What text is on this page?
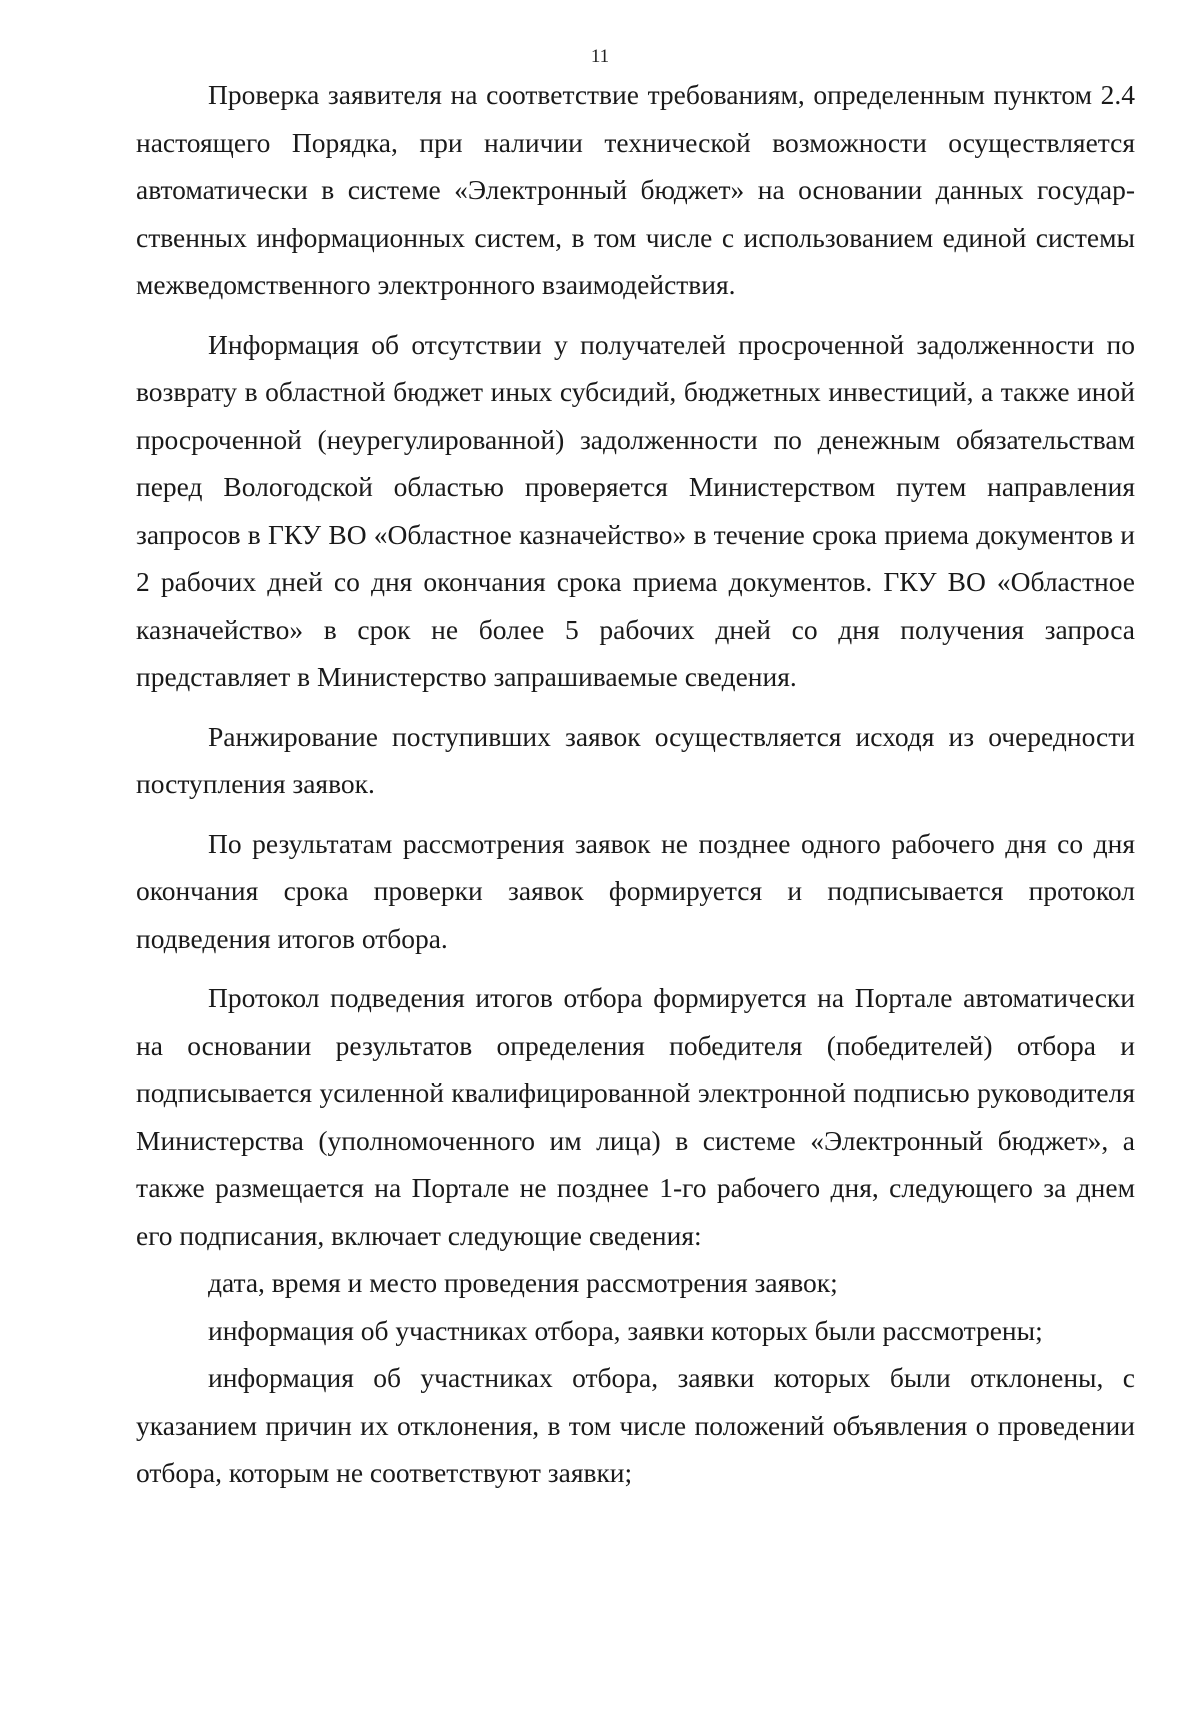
11

Проверка заявителя на соответствие требованиям, определенным пунктом 2.4 настоящего Порядка, при наличии технической возможности осуществляется автоматически в системе «Электронный бюджет» на основании данных государственных информационных систем, в том числе с использованием единой системы межведомственного электронного взаимодействия.

Информация об отсутствии у получателей просроченной задолженности по возврату в областной бюджет иных субсидий, бюджетных инвестиций, а также иной просроченной (неурегулированной) задолженности по денежным обязательствам перед Вологодской областью проверяется Министерством путем направления запросов в ГКУ ВО «Областное казначейство» в течение срока приема документов и 2 рабочих дней со дня окончания срока приема документов. ГКУ ВО «Областное казначейство» в срок не более 5 рабочих дней со дня получения запроса представляет в Министерство запрашиваемые сведения.

Ранжирование поступивших заявок осуществляется исходя из очередности поступления заявок.

По результатам рассмотрения заявок не позднее одного рабочего дня со дня окончания срока проверки заявок формируется и подписывается протокол подведения итогов отбора.

Протокол подведения итогов отбора формируется на Портале автоматически на основании результатов определения победителя (победителей) отбора и подписывается усиленной квалифицированной электронной подписью руководителя Министерства (уполномоченного им лица) в системе «Электронный бюджет», а также размещается на Портале не позднее 1-го рабочего дня, следующего за днем его подписания, включает следующие сведения:

дата, время и место проведения рассмотрения заявок;

информация об участниках отбора, заявки которых были рассмотрены;

информация об участниках отбора, заявки которых были отклонены, с указанием причин их отклонения, в том числе положений объявления о проведении отбора, которым не соответствуют заявки;
